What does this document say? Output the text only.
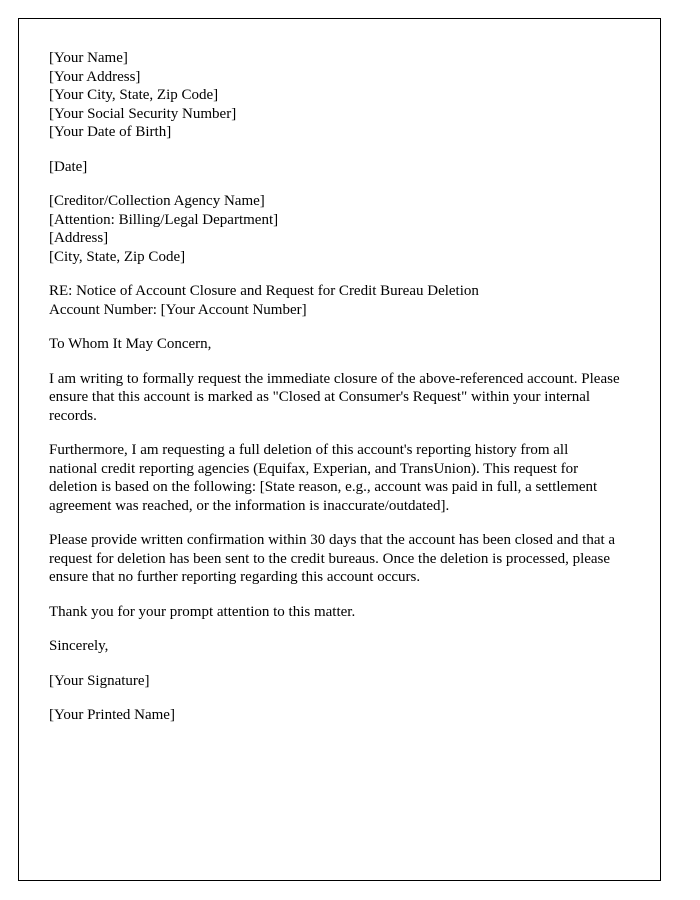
[Your Name]
[Your Address]
[Your City, State, Zip Code]
[Your Social Security Number]
[Your Date of Birth]

[Date]

[Creditor/Collection Agency Name]
[Attention: Billing/Legal Department]
[Address]
[City, State, Zip Code]

RE: Notice of Account Closure and Request for Credit Bureau Deletion
Account Number: [Your Account Number]

To Whom It May Concern,

I am writing to formally request the immediate closure of the above-referenced account. Please ensure that this account is marked as "Closed at Consumer's Request" within your internal records.

Furthermore, I am requesting a full deletion of this account's reporting history from all national credit reporting agencies (Equifax, Experian, and TransUnion). This request for deletion is based on the following: [State reason, e.g., account was paid in full, a settlement agreement was reached, or the information is inaccurate/outdated].

Please provide written confirmation within 30 days that the account has been closed and that a request for deletion has been sent to the credit bureaus. Once the deletion is processed, please ensure that no further reporting regarding this account occurs.

Thank you for your prompt attention to this matter.

Sincerely,

[Your Signature]

[Your Printed Name]
